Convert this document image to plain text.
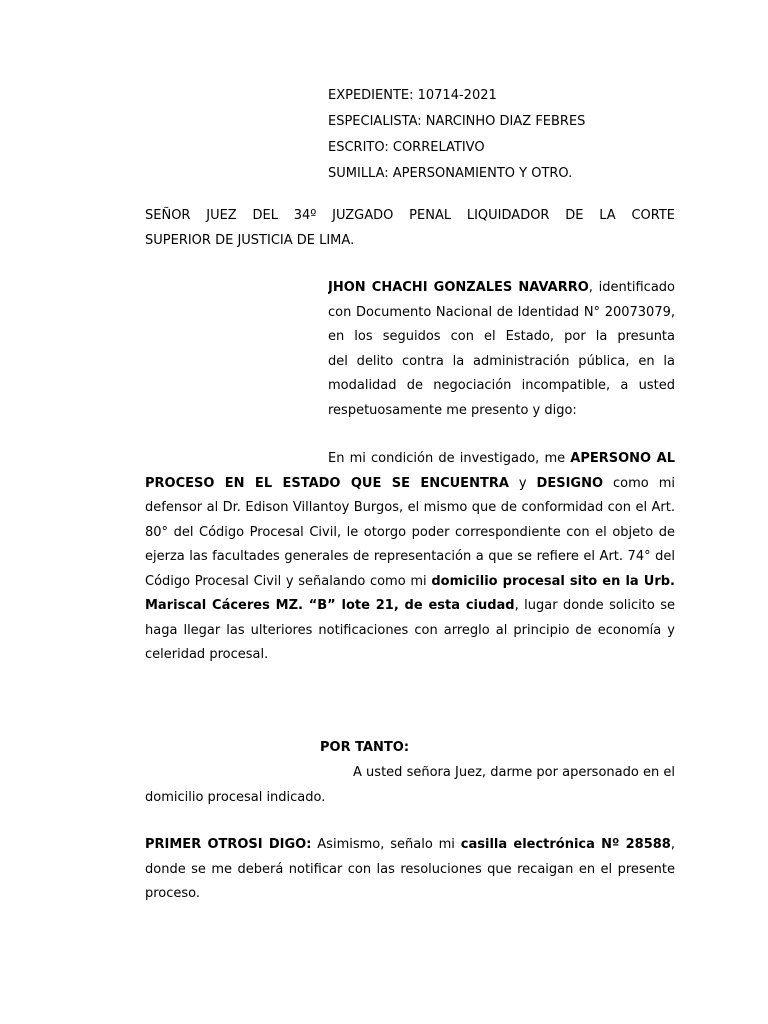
EXPEDIENTE: 10714-2021
ESPECIALISTA: NARCINHO DIAZ FEBRES
ESCRITO: CORRELATIVO
SUMILLA: APERSONAMIENTO Y OTRO.
SEÑOR JUEZ DEL 34º JUZGADO PENAL LIQUIDADOR DE LA CORTE
SUPERIOR DE JUSTICIA DE LIMA.
JHON CHACHI GONZALES NAVARRO, identificado
con Documento Nacional de Identidad N° 20073079,
en los seguidos con el Estado, por la presunta
del delito contra la administración pública, en la
modalidad de negociación incompatible, a usted
respetuosamente me presento y digo:
En mi condición de investigado, me APERSONO AL
PROCESO EN EL ESTADO QUE SE ENCUENTRA y DESIGNO como mi
defensor al Dr. Edison Villantoy Burgos, el mismo que de conformidad con el Art.
80° del Código Procesal Civil, le otorgo poder correspondiente con el objeto de
ejerza las facultades generales de representación a que se refiere el Art. 74° del
Código Procesal Civil y señalando como mi domicilio procesal sito en la Urb.
Mariscal Cáceres MZ. “B” lote 21, de esta ciudad, lugar donde solicito se
haga llegar las ulteriores notificaciones con arreglo al principio de economía y
celeridad procesal.
POR TANTO:
A usted señora Juez, darme por apersonado en el
domicilio procesal indicado.
PRIMER OTROSI DIGO: Asimismo, señalo mi casilla electrónica Nº 28588,
donde se me deberá notificar con las resoluciones que recaigan en el presente
proceso.
